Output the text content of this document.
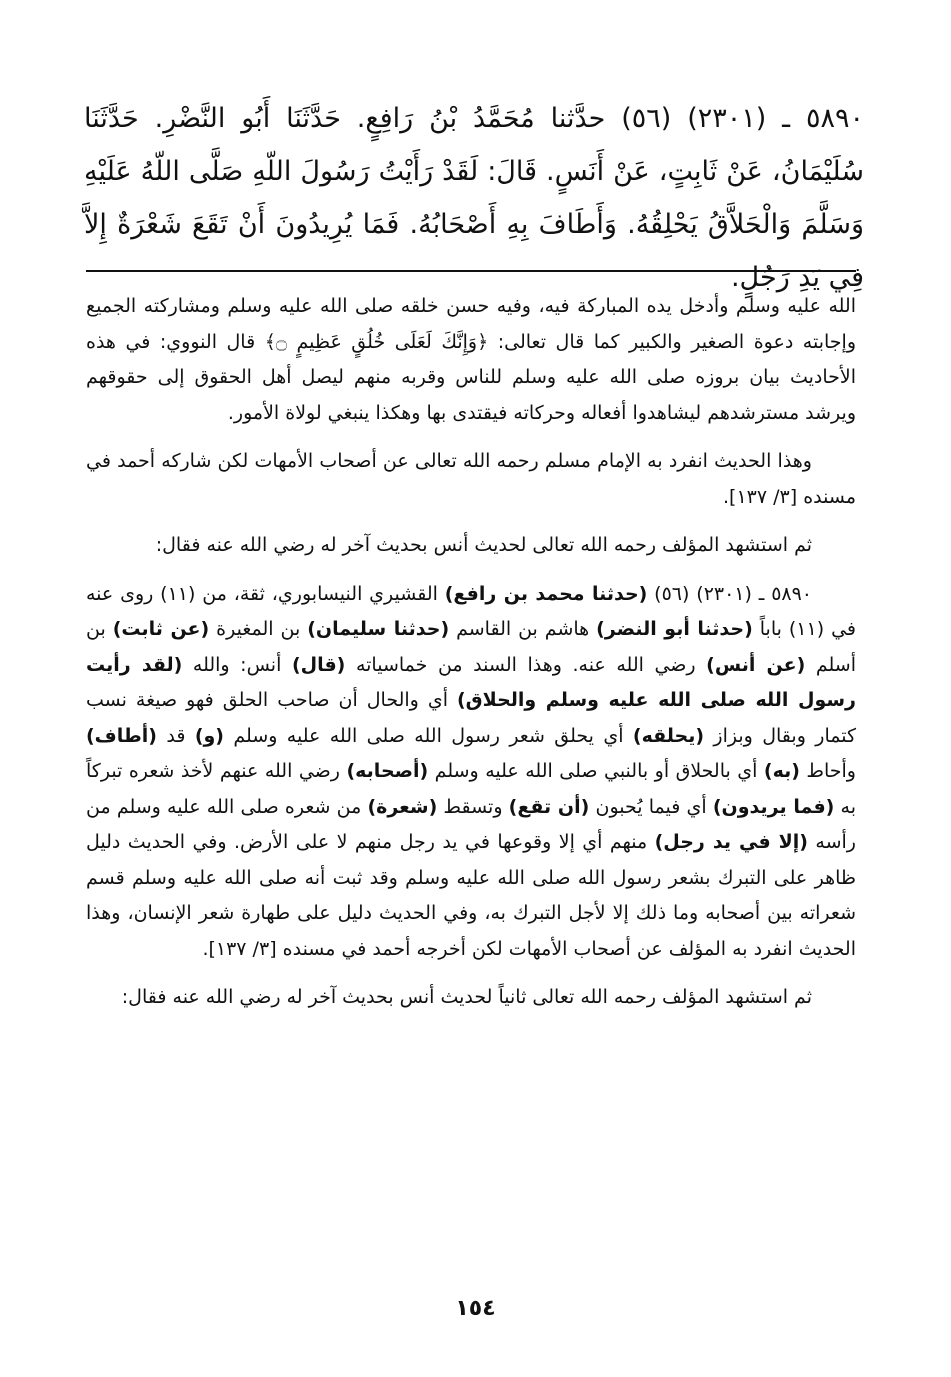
٥٨٩٠ ـ (٢٣٠١) (٥٦) حدَّثنا مُحَمَّدُ بْنُ رَافِعٍ. حَدَّثَنَا أَبُو النَّضْرِ. حَدَّثَنَا سُلَيْمَانُ، عَنْ ثَابِتٍ، عَنْ أَنَسٍ. قَالَ: لَقَدْ رَأَيْتُ رَسُولَ اللّهِ صَلَّى اللّهُ عَلَيْهِ وَسَلَّمَ وَالْحَلاَّقُ يَحْلِقُهُ. وَأَطَافَ بِهِ أَصْحَابُهُ. فَمَا يُرِيدُونَ أَنْ تَقَعَ شَعْرَةٌ إِلاَّ فِي يَدِ رَجُلٍ.

الله عليه وسلم وأدخل يده المباركة فيه، وفيه حسن خلقه صلى الله عليه وسلم ومشاركته الجميع وإجابته دعوة الصغير والكبير كما قال تعالى: ﴿وَإِنَّكَ لَعَلَى خُلُقٍ عَظِيمٍ ۝﴾ قال النووي: في هذه الأحاديث بيان بروزه صلى الله عليه وسلم للناس وقربه منهم ليصل أهل الحقوق إلى حقوقهم ويرشد مسترشدهم ليشاهدوا أفعاله وحركاته فيقتدى بها وهكذا ينبغي لولاة الأمور.

وهذا الحديث انفرد به الإمام مسلم رحمه الله تعالى عن أصحاب الأمهات لكن شاركه أحمد في مسنده [٣/ ١٣٧].

ثم استشهد المؤلف رحمه الله تعالى لحديث أنس بحديث آخر له رضي الله عنه فقال:

٥٨٩٠ ـ (٢٣٠١) (٥٦) (حدثنا محمد بن رافع) القشيري النيسابوري، ثقة، من (١١) روى عنه في (١١) باباً (حدثنا أبو النضر) هاشم بن القاسم (حدثنا سليمان) بن المغيرة (عن ثابت) بن أسلم (عن أنس) رضي الله عنه. وهذا السند من خماسياته (قال) أنس: والله (لقد رأيت رسول الله صلى الله عليه وسلم والحلاق) أي والحال أن صاحب الحلق فهو صيغة نسب كتمار وبقال وبزاز (يحلقه) أي يحلق شعر رسول الله صلى الله عليه وسلم (و) قد (أطاف) وأحاط (به) أي بالحلاق أو بالنبي صلى الله عليه وسلم (أصحابه) رضي الله عنهم لأخذ شعره تبركاً به (فما يريدون) أي فيما يُحبون (أن تقع) وتسقط (شعرة) من شعره صلى الله عليه وسلم من رأسه (إلا في يد رجل) منهم أي إلا وقوعها في يد رجل منهم لا على الأرض. وفي الحديث دليل ظاهر على التبرك بشعر رسول الله صلى الله عليه وسلم وقد ثبت أنه صلى الله عليه وسلم قسم شعراته بين أصحابه وما ذلك إلا لأجل التبرك به، وفي الحديث دليل على طهارة شعر الإنسان، وهذا الحديث انفرد به المؤلف عن أصحاب الأمهات لكن أخرجه أحمد في مسنده [٣/ ١٣٧].

ثم استشهد المؤلف رحمه الله تعالى ثانياً لحديث أنس بحديث آخر له رضي الله عنه فقال:

١٥٤
